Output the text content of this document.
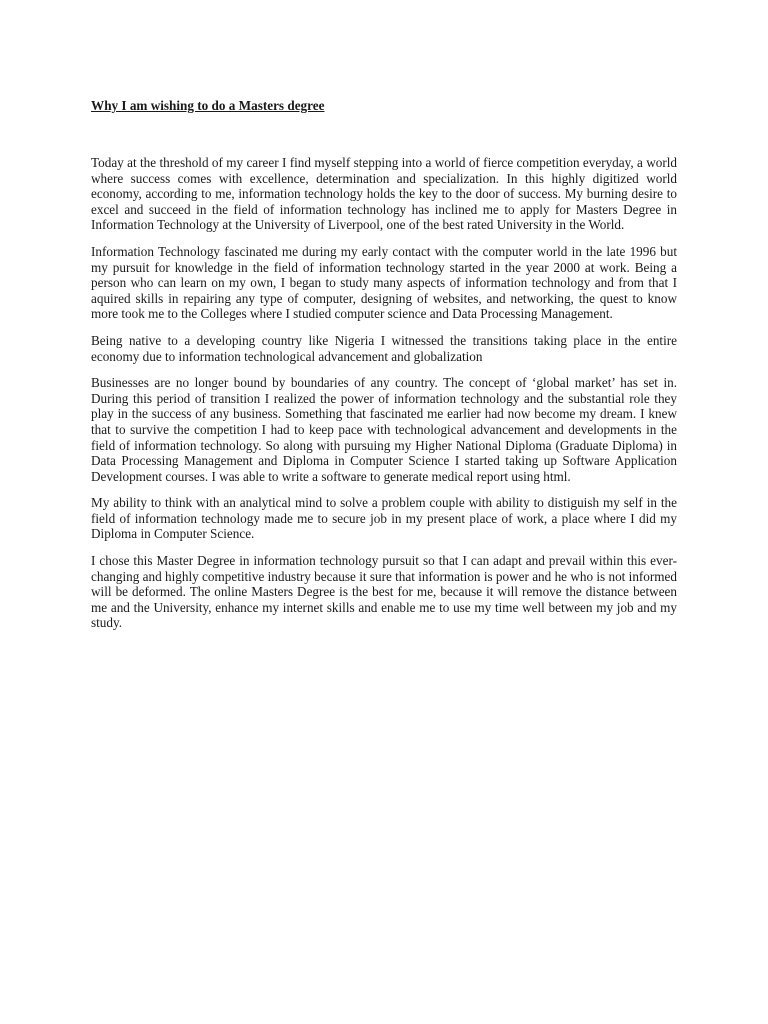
Why I am wishing to do a Masters degree

Today at the threshold of my career I find myself stepping into a world of fierce competition everyday, a world where success comes with excellence, determination and specialization. In this highly digitized world economy, according to me, information technology holds the key to the door of success. My burning desire to excel and succeed in the field of information technology has inclined me to apply for Masters Degree in Information Technology at the University of Liverpool, one of the best rated University in the World.

Information Technology fascinated me during my early contact with the computer world in the late 1996 but my pursuit for knowledge in the field of information technology started in the year 2000 at work. Being a person who can learn on my own, I began to study many aspects of information technology and from that I aquired skills in repairing any type of computer, designing of websites, and networking, the quest to know more took me to the Colleges where I studied computer science and Data Processing Management.

Being native to a developing country like Nigeria I witnessed the transitions taking place in the entire economy due to information technological advancement and globalization

Businesses are no longer bound by boundaries of any country. The concept of ‘global market’ has set in. During this period of transition I realized the power of information technology and the substantial role they play in the success of any business. Something that fascinated me earlier had now become my dream. I knew that to survive the competition I had to keep pace with technological advancement and developments in the field of information technology. So along with pursuing my Higher National Diploma (Graduate Diploma) in Data Processing Management and Diploma in Computer Science I started taking up Software Application Development courses. I was able to write a software to generate medical report using html.

My ability to think with an analytical mind to solve a problem couple with ability to distiguish my self in the field of information technology made me to secure job in my present place of work, a place where I did my Diploma in Computer Science.

I chose this Master Degree in information technology pursuit so that I can adapt and prevail within this ever-changing and highly competitive industry because it sure that information is power and he who is not informed will be deformed. The online Masters Degree is the best for me, because it will remove the distance between me and the University, enhance my internet skills and enable me to use my time well between my job and my study.
